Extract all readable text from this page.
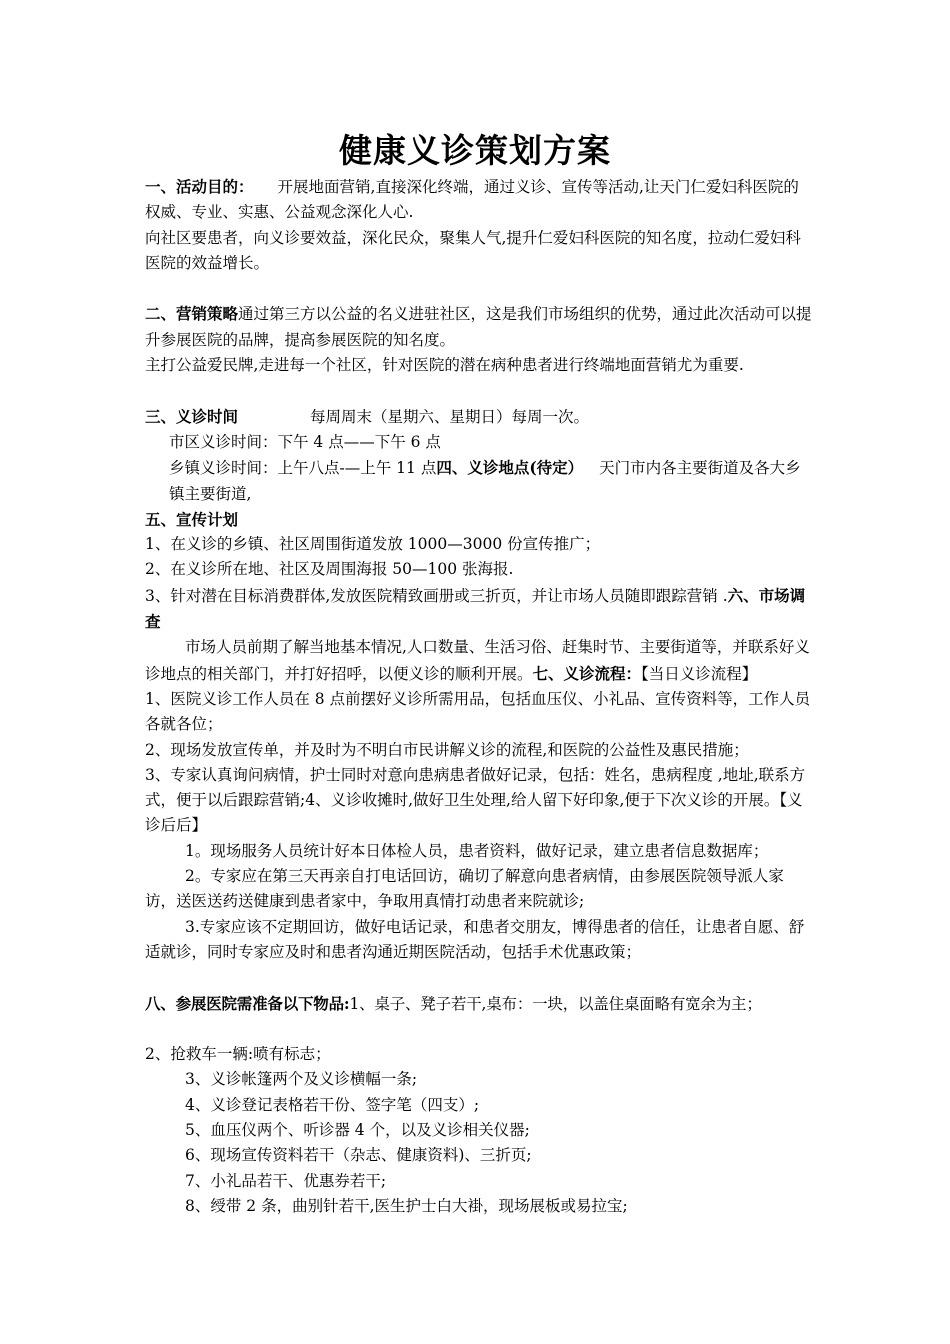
健康义诊策划方案

一、活动目的： 开展地面营销,直接深化终端，通过义诊、宣传等活动,让天门仁爱妇科医院的权威、专业、实惠、公益观念深化人心.

向社区要患者，向义诊要效益，深化民众，聚集人气,提升仁爱妇科医院的知名度，拉动仁爱妇科医院的效益增长。

二、营销策略通过第三方以公益的名义进驻社区，这是我们市场组织的优势，通过此次活动可以提升参展医院的品牌，提高参展医院的知名度。

主打公益爱民牌,走进每一个社区，针对医院的潜在病种患者进行终端地面营销尤为重要.

三、义诊时间	每周周末（星期六、星期日）每周一次。

市区义诊时间：下午 4 点——下午 6 点

乡镇义诊时间：上午八点-—上午 11 点四、义诊地点(待定） 天门市内各主要街道及各大乡镇主要街道,

五、宣传计划

1、在义诊的乡镇、社区周围街道发放 1000—3000 份宣传推广；

2、在义诊所在地、社区及周围海报 50—100 张海报.

3、针对潜在目标消费群体,发放医院精致画册或三折页，并让市场人员随即跟踪营销 .六、市场调查

市场人员前期了解当地基本情况,人口数量、生活习俗、赶集时节、主要街道等，并联系好义诊地点的相关部门，并打好招呼，以便义诊的顺利开展。七、义诊流程：【当日义诊流程】

1、医院义诊工作人员在 8 点前摆好义诊所需用品，包括血压仪、小礼品、宣传资料等，工作人员各就各位；

2、现场发放宣传单，并及时为不明白市民讲解义诊的流程,和医院的公益性及惠民措施；

3、专家认真询问病情，护士同时对意向患病患者做好记录，包括：姓名，患病程度 ,地址,联系方式，便于以后跟踪营销;4、义诊收摊时,做好卫生处理,给人留下好印象,便于下次义诊的开展。【义诊后后】

1。现场服务人员统计好本日体检人员，患者资料，做好记录，建立患者信息数据库；

2。专家应在第三天再亲自打电话回访，确切了解意向患者病情，由参展医院领导派人家访，送医送药送健康到患者家中，争取用真情打动患者来院就诊;

3.专家应该不定期回访，做好电话记录，和患者交朋友，博得患者的信任，让患者自愿、舒适就诊，同时专家应及时和患者沟通近期医院活动，包括手术优惠政策；

八、参展医院需准备以下物品:1、桌子、凳子若干,桌布：一块，以盖住桌面略有宽余为主；

2、抢救车一辆:喷有标志；

3、义诊帐篷两个及义诊横幅一条;

4、义诊登记表格若干份、签字笔（四支）;

5、血压仪两个、听诊器 4 个，以及义诊相关仪器;

6、现场宣传资料若干（杂志、健康资料)、三折页;

7、小礼品若干、优惠券若干;

8、绶带 2 条，曲别针若干,医生护士白大褂，现场展板或易拉宝;
